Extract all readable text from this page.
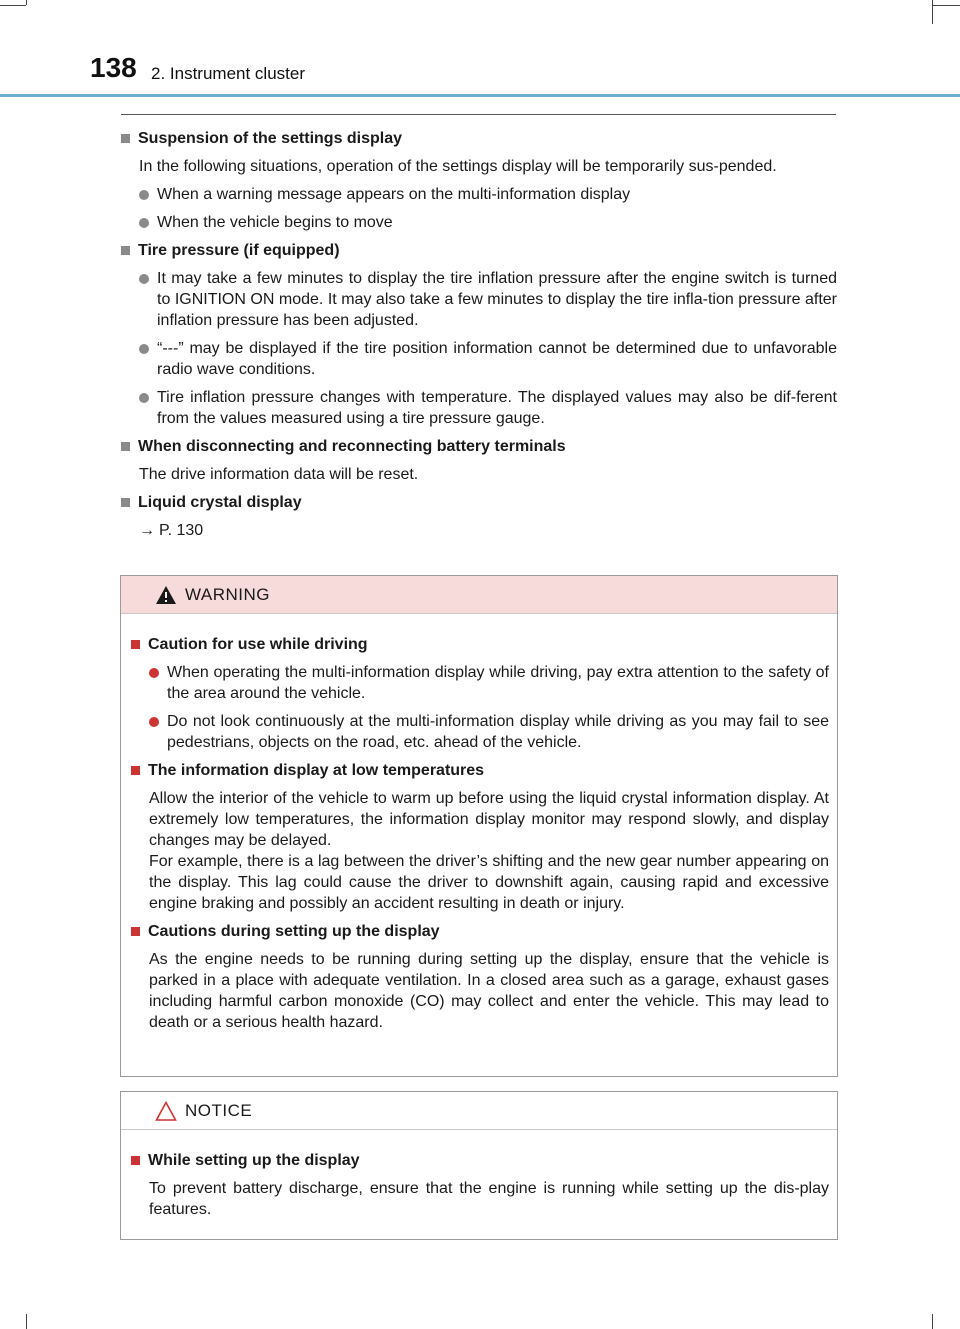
138 2. Instrument cluster
Suspension of the settings display
In the following situations, operation of the settings display will be temporarily sus-pended.
When a warning message appears on the multi-information display
When the vehicle begins to move
Tire pressure (if equipped)
It may take a few minutes to display the tire inflation pressure after the engine switch is turned to IGNITION ON mode. It may also take a few minutes to display the tire infla-tion pressure after inflation pressure has been adjusted.
“---” may be displayed if the tire position information cannot be determined due to unfavorable radio wave conditions.
Tire inflation pressure changes with temperature. The displayed values may also be dif-ferent from the values measured using a tire pressure gauge.
When disconnecting and reconnecting battery terminals
The drive information data will be reset.
Liquid crystal display
→ P. 130
WARNING
Caution for use while driving
When operating the multi-information display while driving, pay extra attention to the safety of the area around the vehicle.
Do not look continuously at the multi-information display while driving as you may fail to see pedestrians, objects on the road, etc. ahead of the vehicle.
The information display at low temperatures
Allow the interior of the vehicle to warm up before using the liquid crystal information display. At extremely low temperatures, the information display monitor may respond slowly, and display changes may be delayed.
For example, there is a lag between the driver’s shifting and the new gear number appearing on the display. This lag could cause the driver to downshift again, causing rapid and excessive engine braking and possibly an accident resulting in death or injury.
Cautions during setting up the display
As the engine needs to be running during setting up the display, ensure that the vehicle is parked in a place with adequate ventilation. In a closed area such as a garage, exhaust gases including harmful carbon monoxide (CO) may collect and enter the vehicle. This may lead to death or a serious health hazard.
NOTICE
While setting up the display
To prevent battery discharge, ensure that the engine is running while setting up the dis-play features.
